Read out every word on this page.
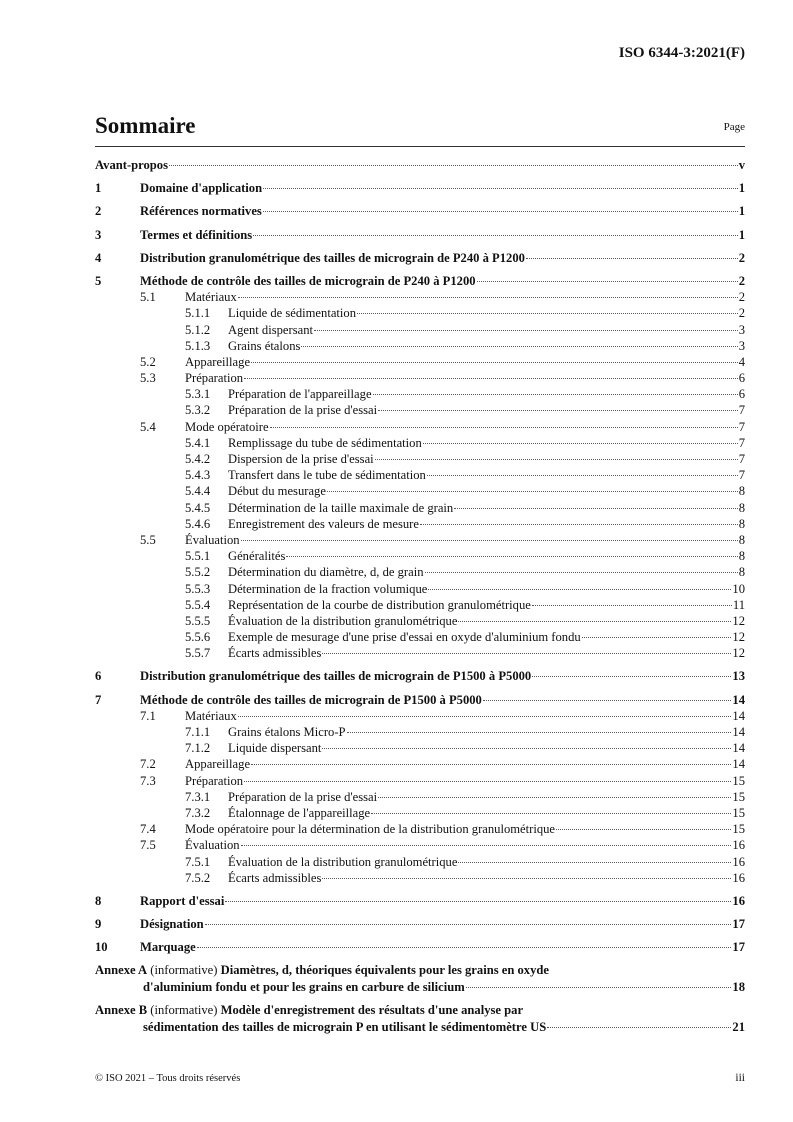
ISO 6344-3:2021(F)
Sommaire	Page
Avant-propos	v
1	Domaine d'application	1
2	Références normatives	1
3	Termes et définitions	1
4	Distribution granulométrique des tailles de micrograin de P240 à P1200	2
5	Méthode de contrôle des tailles de micrograin de P240 à P1200	2
5.1	Matériaux	2
5.1.1	Liquide de sédimentation	2
5.1.2	Agent dispersant	3
5.1.3	Grains étalons	3
5.2	Appareillage	4
5.3	Préparation	6
5.3.1	Préparation de l'appareillage	6
5.3.2	Préparation de la prise d'essai	7
5.4	Mode opératoire	7
5.4.1	Remplissage du tube de sédimentation	7
5.4.2	Dispersion de la prise d'essai	7
5.4.3	Transfert dans le tube de sédimentation	7
5.4.4	Début du mesurage	8
5.4.5	Détermination de la taille maximale de grain	8
5.4.6	Enregistrement des valeurs de mesure	8
5.5	Évaluation	8
5.5.1	Généralités	8
5.5.2	Détermination du diamètre, d, de grain	8
5.5.3	Détermination de la fraction volumique	10
5.5.4	Représentation de la courbe de distribution granulométrique	11
5.5.5	Évaluation de la distribution granulométrique	12
5.5.6	Exemple de mesurage d'une prise d'essai en oxyde d'aluminium fondu	12
5.5.7	Écarts admissibles	12
6	Distribution granulométrique des tailles de micrograin de P1500 à P5000	13
7	Méthode de contrôle des tailles de micrograin de P1500 à P5000	14
7.1	Matériaux	14
7.1.1	Grains étalons Micro-P	14
7.1.2	Liquide dispersant	14
7.2	Appareillage	14
7.3	Préparation	15
7.3.1	Préparation de la prise d'essai	15
7.3.2	Étalonnage de l'appareillage	15
7.4	Mode opératoire pour la détermination de la distribution granulométrique	15
7.5	Évaluation	16
7.5.1	Évaluation de la distribution granulométrique	16
7.5.2	Écarts admissibles	16
8	Rapport d'essai	16
9	Désignation	17
10	Marquage	17
Annexe A (informative) Diamètres, d, théoriques équivalents pour les grains en oxyde
d'aluminium fondu et pour les grains en carbure de silicium	18
Annexe B (informative) Modèle d'enregistrement des résultats d'une analyse par
sédimentation des tailles de micrograin P en utilisant le sédimentomètre US	21
© ISO 2021 – Tous droits réservés	iii
